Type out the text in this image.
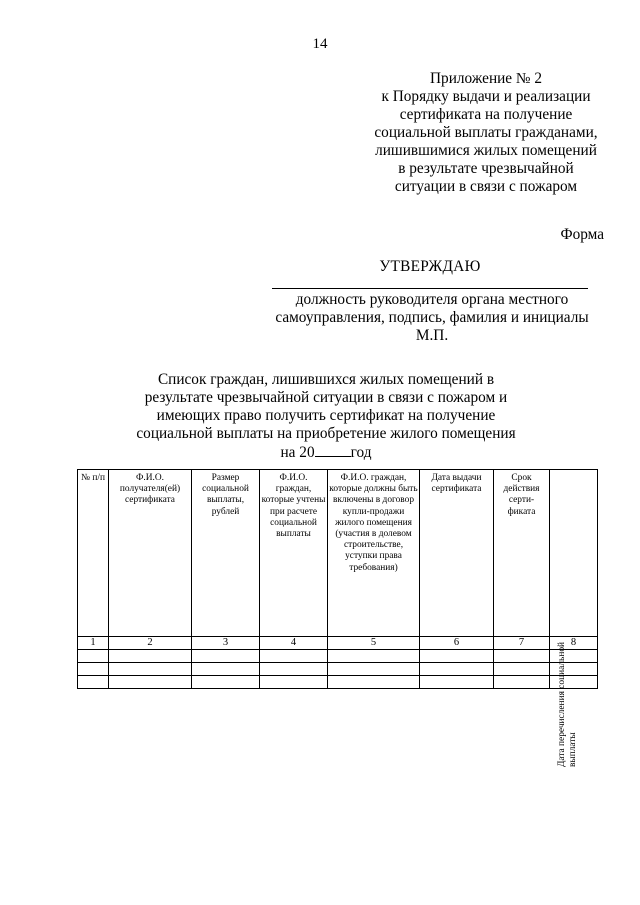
14
Приложение № 2
к Порядку выдачи и реализации
сертификата на получение
социальной выплаты гражданами,
лишившимися жилых помещений
в результате чрезвычайной
ситуации в связи с пожаром
Форма
УТВЕРЖДАЮ
должность руководителя органа местного
самоуправления, подпись, фамилия и инициалы
М.П.
Список граждан, лишившихся жилых помещений в
результате чрезвычайной ситуации в связи с пожаром и
имеющих право получить сертификат на получение
социальной выплаты на приобретение жилого помещения
на 20 год
№ п/п	Ф.И.О. получателя(ей) сертификата	Размер социальной выплаты, рублей	Ф.И.О. граждан, которые учтены при расчете социальной выплаты	Ф.И.О. граждан, которые должны быть включены в договор купли-продажи жилого помещения (участия в долевом строительстве, уступки права требования)	Дата выдачи сертификата	Срок действия серти-фиката	Дата перечисления социальной выплаты

1	2	3	4	5	6	7	8
